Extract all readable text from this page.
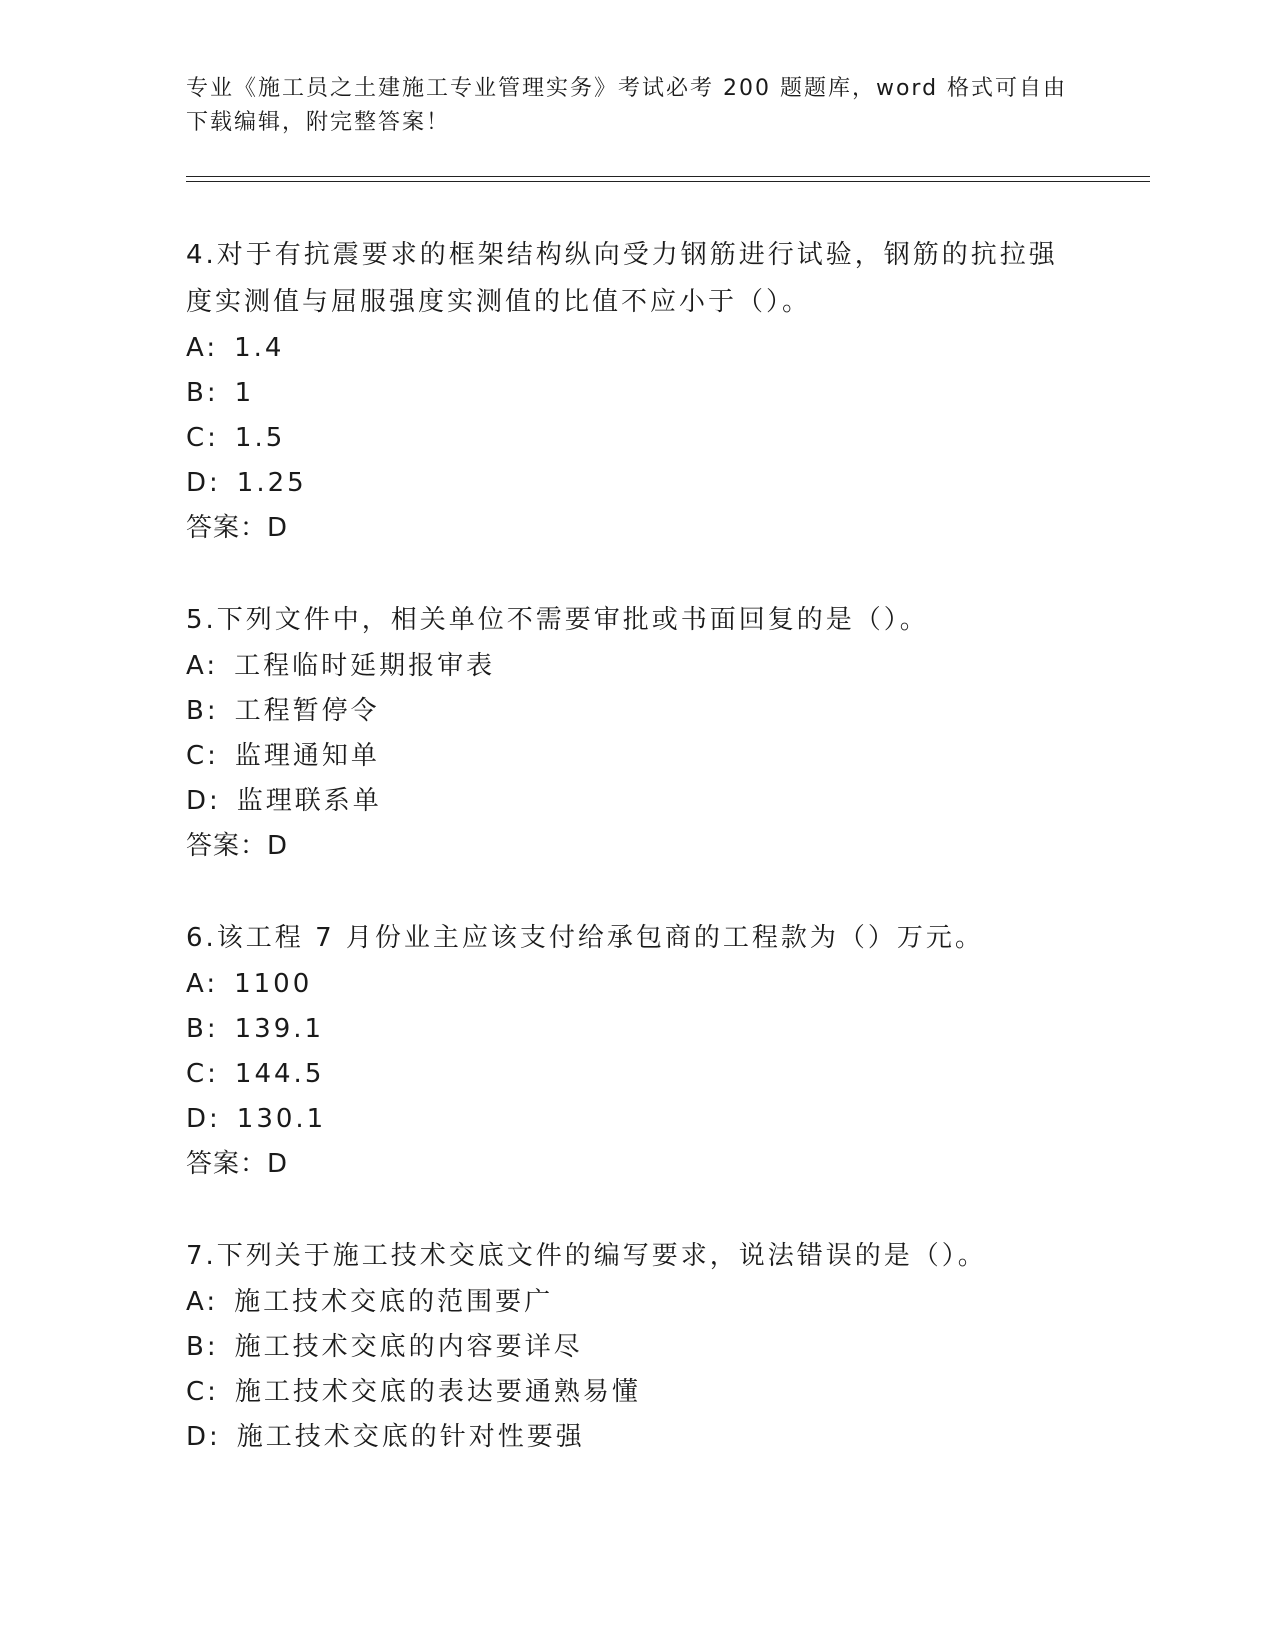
专业《施工员之土建施工专业管理实务》考试必考 200 题题库，word 格式可自由
下载编辑，附完整答案！
4.对于有抗震要求的框架结构纵向受力钢筋进行试验，钢筋的抗拉强
度实测值与屈服强度实测值的比值不应小于（）。
A: 1.4
B: 1
C: 1.5
D: 1.25
答案：D
5.下列文件中，相关单位不需要审批或书面回复的是（）。
A: 工程临时延期报审表
B: 工程暂停令
C: 监理通知单
D: 监理联系单
答案：D
6.该工程 7 月份业主应该支付给承包商的工程款为（）万元。
A: 1100
B: 139.1
C: 144.5
D: 130.1
答案：D
7.下列关于施工技术交底文件的编写要求，说法错误的是（）。
A: 施工技术交底的范围要广
B: 施工技术交底的内容要详尽
C: 施工技术交底的表达要通熟易懂
D: 施工技术交底的针对性要强
